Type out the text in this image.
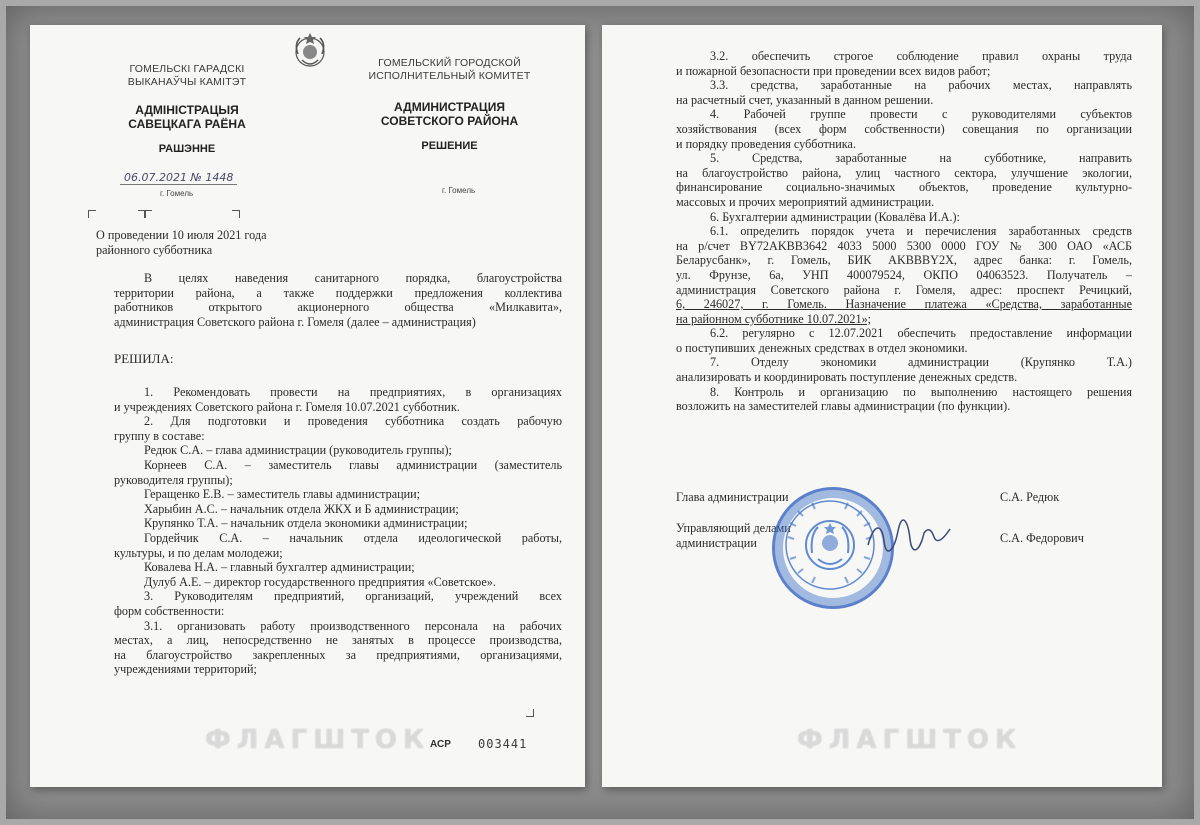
ГОМЕЛЬСКІ ГАРАДСКІ
ВЫКАНАЎЧЫ КАМІТЭТ
АДМІНІСТРАЦЫЯ
САВЕЦКАГА РАЁНА
РАШЭННЕ
ГОМЕЛЬСКИЙ ГОРОДСКОЙ
ИСПОЛНИТЕЛЬНЫЙ КОМИТЕТ
АДМИНИСТРАЦИЯ
СОВЕТСКОГО РАЙОНА
РЕШЕНИЕ
06.07.2021 № 1448
г. Гомель	г. Гомель
О проведении 10 июля 2021 года
районного субботника
В целях наведения санитарного порядка, благоустройства
территории района, а также поддержки предложения коллектива
работников открытого акционерного общества «Милкавита»,
администрация Советского района г. Гомеля (далее – администрация)
РЕШИЛА:
1. Рекомендовать провести на предприятиях, в организациях
и учреждениях Советского района г. Гомеля 10.07.2021 субботник.
2. Для подготовки и проведения субботника создать рабочую
группу в составе:
Редюк С.А. – глава администрации (руководитель группы);
Корнеев С.А. – заместитель главы администрации (заместитель
руководителя группы);
Геращенко Е.В. – заместитель главы администрации;
Харыбин А.С. – начальник отдела ЖКХ и Б администрации;
Крупянко Т.А. – начальник отдела экономики администрации;
Гордейчик С.А. – начальник отдела идеологической работы,
культуры, и по делам молодежи;
Ковалева Н.А. – главный бухгалтер администрации;
Дулуб А.Е. – директор государственного предприятия «Советское».
3. Руководителям предприятий, организаций, учреждений всех
форм собственности:
3.1. организовать работу производственного персонала на рабочих
местах, а лиц, непосредственно не занятых в процессе производства,
на благоустройство закрепленных за предприятиями, организациями,
учреждениями территорий;
АСР 003441
ФЛАГШТОК
3.2. обеспечить строгое соблюдение правил охраны труда
и пожарной безопасности при проведении всех видов работ;
3.3. средства, заработанные на рабочих местах, направлять
на расчетный счет, указанный в данном решении.
4. Рабочей группе провести с руководителями субъектов
хозяйствования (всех форм собственности) совещания по организации
и порядку проведения субботника.
5. Средства, заработанные на субботнике, направить
на благоустройство района, улиц частного сектора, улучшение экологии,
финансирование социально-значимых объектов, проведение культурно-
массовых и прочих мероприятий администрации.
6. Бухгалтерии администрации (Ковалёва И.А.):
6.1. определить порядок учета и перечисления заработанных средств
на р/счет BY72AKBB3642 4033 5000 5300 0000 ГОУ № 300 ОАО «АСБ
Беларусбанк», г. Гомель, БИК AKBBBY2X, адрес банка: г. Гомель,
ул. Фрунзе, 6а, УНП 400079524, ОКПО 04063523. Получатель –
администрация Советского района г. Гомеля, адрес: проспект Речицкий,
6, 246027, г. Гомель. Назначение платежа «Средства, заработанные
на районном субботнике 10.07.2021»;
6.2. регулярно с 12.07.2021 обеспечить предоставление информации
о поступивших денежных средствах в отдел экономики.
7. Отделу экономики администрации (Крупянко Т.А.)
анализировать и координировать поступление денежных средств.
8. Контроль и организацию по выполнению настоящего решения
возложить на заместителей главы администрации (по функции).
Глава администрации	С.А. Редюк
Управляющий делами
администрации	С.А. Федорович
ФЛАГШТОК
